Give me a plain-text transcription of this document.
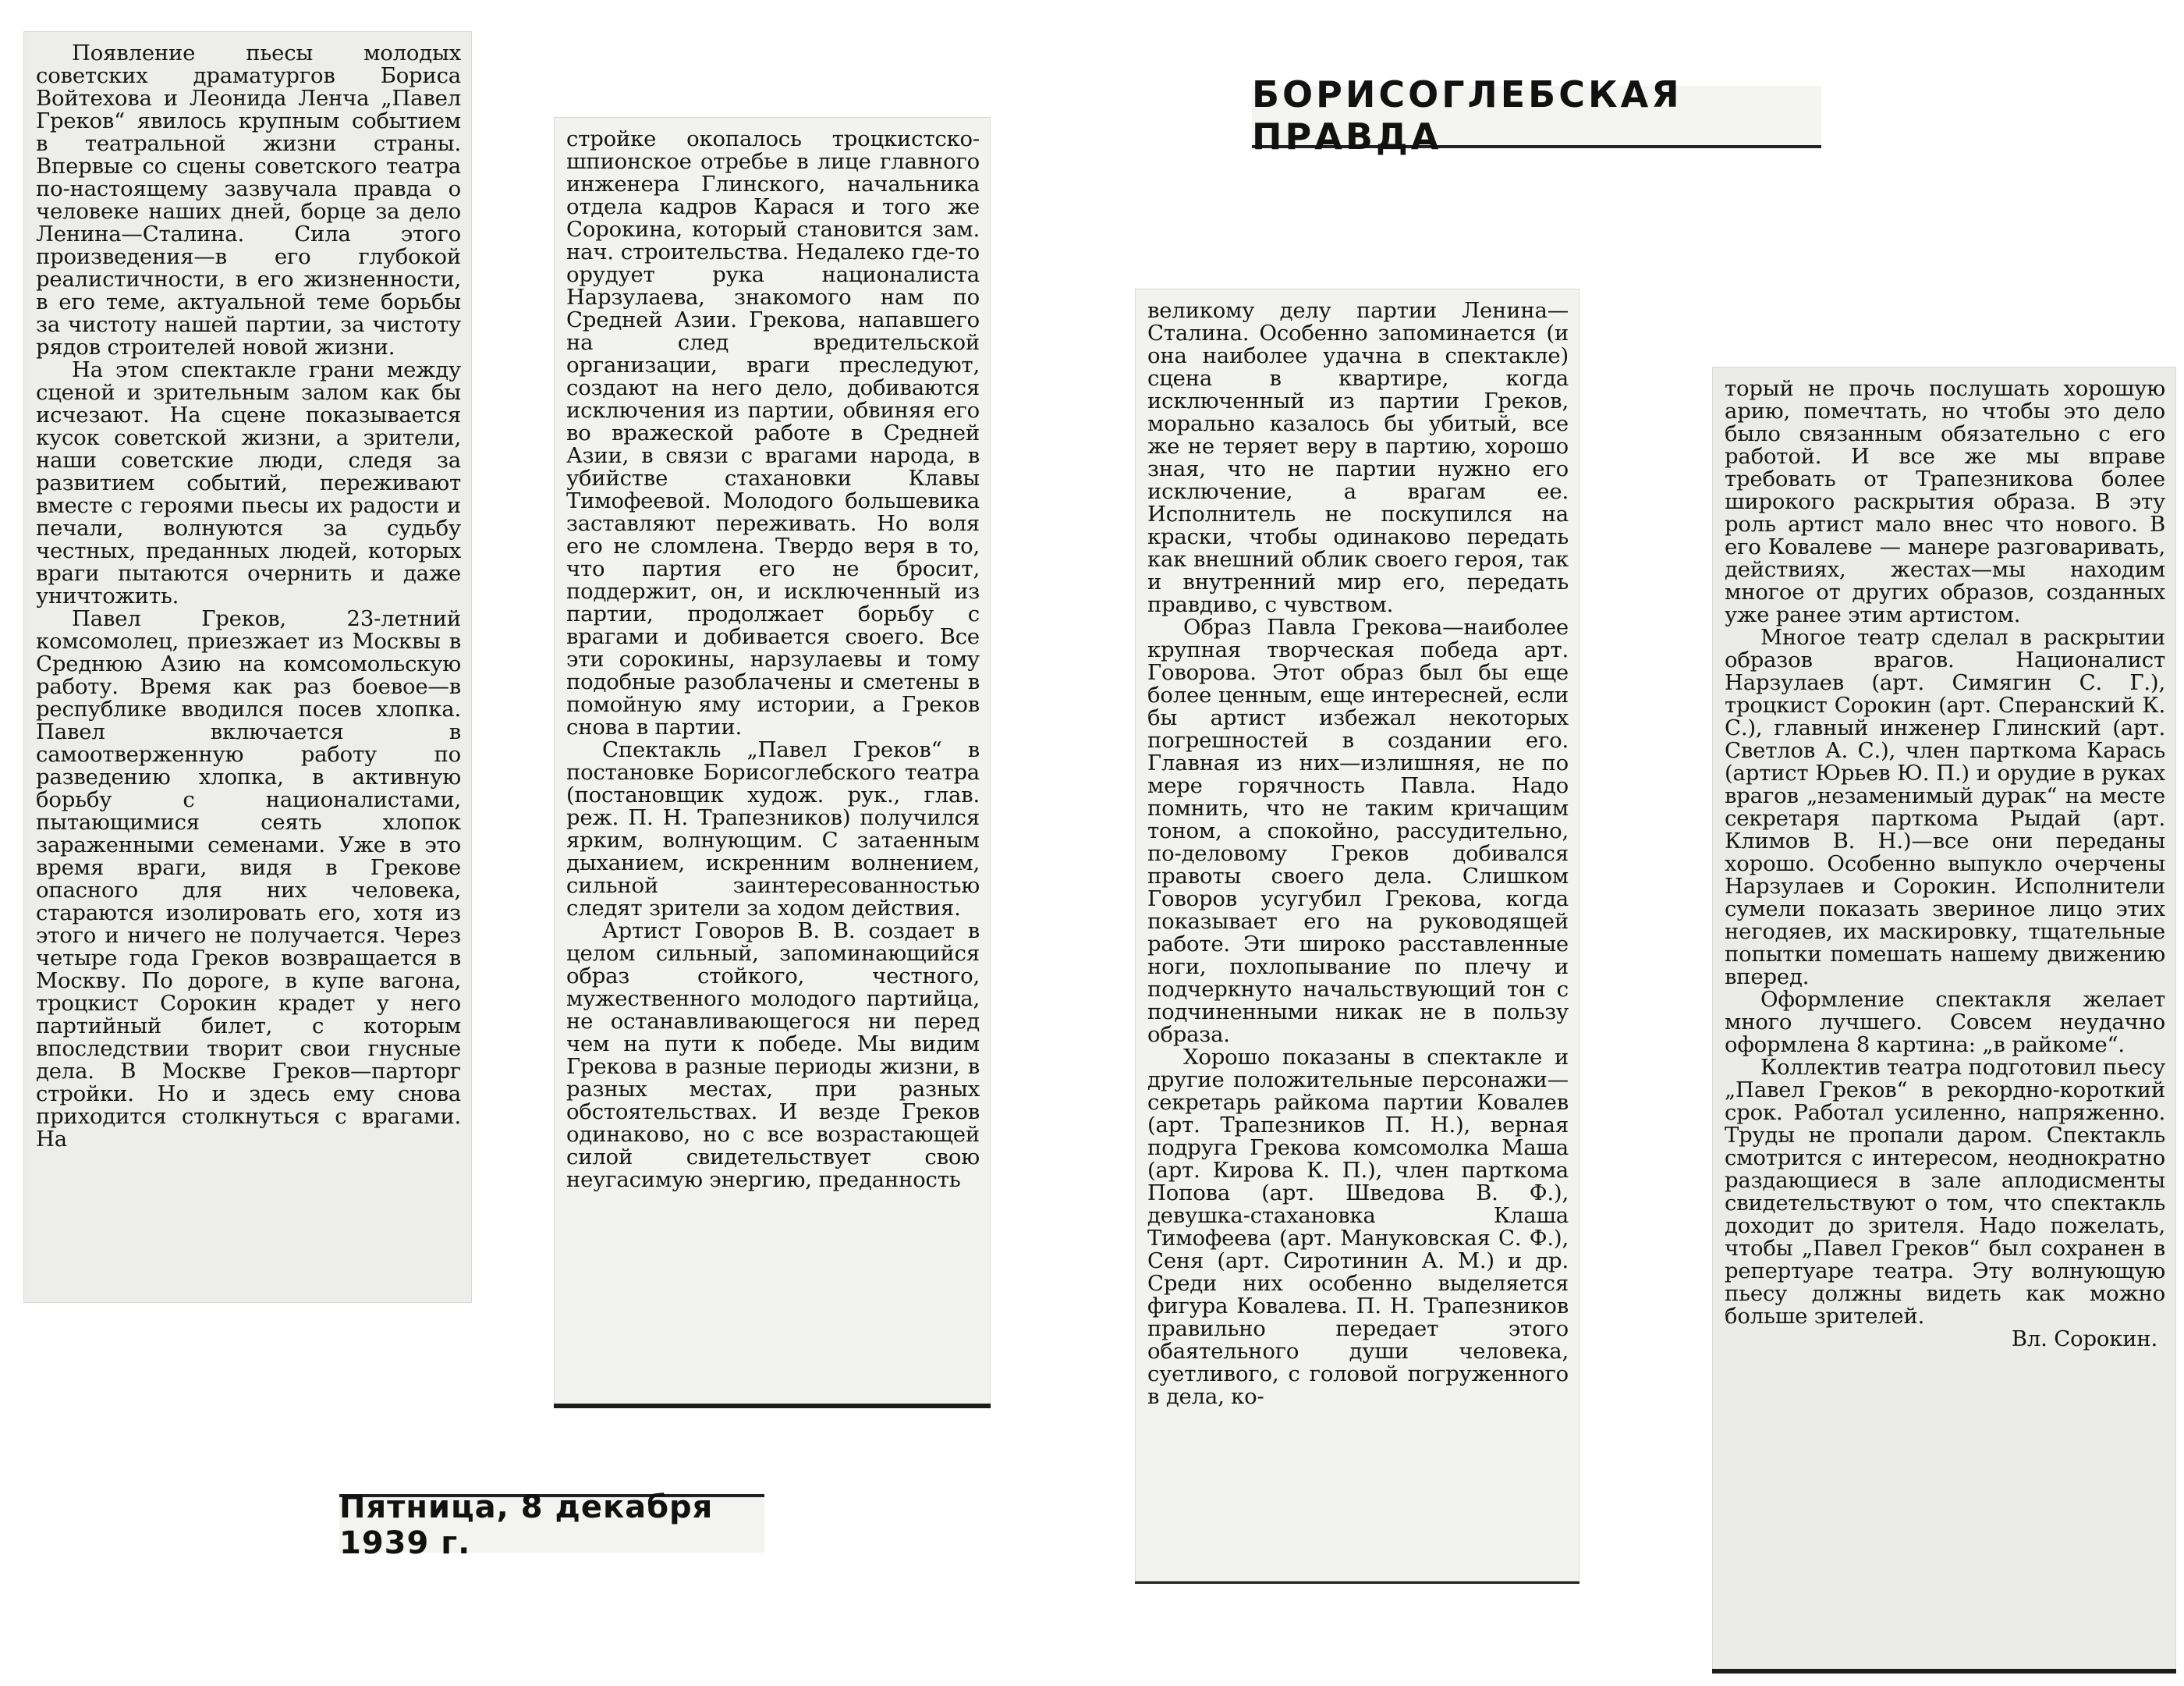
БОРИСОГЛЕБСКАЯ ПРАВДА

Появление пьесы молодых советских драматургов Бориса Войтехова и Леонида Ленча „Павел Греков“ явилось крупным событием в театральной жизни страны. Впервые со сцены советского театра по-настоящему зазвучала правда о человеке наших дней, борце за дело Ленина—Сталина. Сила этого произведения—в его глубокой реалистичности, в его жизненности, в его теме, актуальной теме борьбы за чистоту нашей партии, за чистоту рядов строителей новой жизни.

На этом спектакле грани между сценой и зрительным залом как бы исчезают. На сцене показывается кусок советской жизни, а зрители, наши советские люди, следя за развитием событий, переживают вместе с героями пьесы их радости и печали, волнуются за судьбу честных, преданных людей, которых враги пытаются очернить и даже уничтожить.

Павел Греков, 23-летний комсомолец, приезжает из Москвы в Среднюю Азию на комсомольскую работу. Время как раз боевое—в республике вводился посев хлопка. Павел включается в самоотверженную работу по разведению хлопка, в активную борьбу с националистами, пытающимися сеять хлопок зараженными семенами. Уже в это время враги, видя в Грекове опасного для них человека, стараются изолировать его, хотя из этого и ничего не получается. Через четыре года Греков возвращается в Москву. По дороге, в купе вагона, троцкист Сорокин крадет у него партийный билет, с которым впоследствии творит свои гнусные дела. В Москве Греков—парторг стройки. Но и здесь ему снова приходится столкнуться с врагами. На

стройке окопалось троцкистско-шпионское отребье в лице главного инженера Глинского, начальника отдела кадров Карася и того же Сорокина, который становится зам. нач. строительства. Недалеко где-то орудует рука националиста Нарзулаева, знакомого нам по Средней Азии. Грекова, напавшего на след вредительской организации, враги преследуют, создают на него дело, добиваются исключения из партии, обвиняя его во вражеской работе в Средней Азии, в связи с врагами народа, в убийстве стахановки Клавы Тимофеевой. Молодого большевика заставляют переживать. Но воля его не сломлена. Твердо веря в то, что партия его не бросит, поддержит, он, и исключенный из партии, продолжает борьбу с врагами и добивается своего. Все эти сорокины, нарзулаевы и тому подобные разоблачены и сметены в помойную яму истории, а Греков снова в партии.

Спектакль „Павел Греков“ в постановке Борисоглебского театра (постановщик худож. рук., глав. реж. П. Н. Трапезников) получился ярким, волнующим. С затаенным дыханием, искренним волнением, сильной заинтересованностью следят зрители за ходом действия.

Артист Говоров В. В. создает в целом сильный, запоминающийся образ стойкого, честного, мужественного молодого партийца, не останавливающегося ни перед чем на пути к победе. Мы видим Грекова в разные периоды жизни, в разных местах, при разных обстоятельствах. И везде Греков одинаково, но с все возрастающей силой свидетельствует свою неугасимую энергию, преданность

великому делу партии Ленина—Сталина. Особенно запоминается (и она наиболее удачна в спектакле) сцена в квартире, когда исключенный из партии Греков, морально казалось бы убитый, все же не теряет веру в партию, хорошо зная, что не партии нужно его исключение, а врагам ее. Исполнитель не поскупился на краски, чтобы одинаково передать как внешний облик своего героя, так и внутренний мир его, передать правдиво, с чувством.

Образ Павла Грекова—наиболее крупная творческая победа арт. Говорова. Этот образ был бы еще более ценным, еще интересней, если бы артист избежал некоторых погрешностей в создании его. Главная из них—излишняя, не по мере горячность Павла. Надо помнить, что не таким кричащим тоном, а спокойно, рассудительно, по-деловому Греков добивался правоты своего дела. Слишком Говоров усугубил Грекова, когда показывает его на руководящей работе. Эти широко расставленные ноги, похлопывание по плечу и подчеркнуто начальствующий тон с подчиненными никак не в пользу образа.

Хорошо показаны в спектакле и другие положительные персонажи—секретарь райкома партии Ковалев (арт. Трапезников П. Н.), верная подруга Грекова комсомолка Маша (арт. Кирова К. П.), член парткома Попова (арт. Шведова В. Ф.), девушка-стахановка Клаша Тимофеева (арт. Мануковская С. Ф.), Сеня (арт. Сиротинин А. М.) и др. Среди них особенно выделяется фигура Ковалева. П. Н. Трапезников правильно передает этого обаятельного души человека, суетливого, с головой погруженного в дела, ко-

торый не прочь послушать хорошую арию, помечтать, но чтобы это дело было связанным обязательно с его работой. И все же мы вправе требовать от Трапезникова более широкого раскрытия образа. В эту роль артист мало внес что нового. В его Ковалеве — манере разговаривать, действиях, жестах—мы находим многое от других образов, созданных уже ранее этим артистом.

Многое театр сделал в раскрытии образов врагов. Националист Нарзулаев (арт. Симягин С. Г.), троцкист Сорокин (арт. Сперанский К. С.), главный инженер Глинский (арт. Светлов А. С.), член парткома Карась (артист Юрьев Ю. П.) и орудие в руках врагов „незаменимый дурак“ на месте секретаря парткома Рыдай (арт. Климов В. Н.)—все они переданы хорошо. Особенно выпукло очерчены Нарзулаев и Сорокин. Исполнители сумели показать звериное лицо этих негодяев, их маскировку, тщательные попытки помешать нашему движению вперед.

Оформление спектакля желает много лучшего. Совсем неудачно оформлена 8 картина: „в райкоме“.

Коллектив театра подготовил пьесу „Павел Греков“ в рекордно-короткий срок. Работал усиленно, напряженно. Труды не пропали даром. Спектакль смотрится с интересом, неоднократно раздающиеся в зале аплодисменты свидетельствуют о том, что спектакль доходит до зрителя. Надо пожелать, чтобы „Павел Греков“ был сохранен в репертуаре театра. Эту волнующую пьесу должны видеть как можно больше зрителей.

Вл. Сорокин.

Пятница, 8 декабря 1939 г.
